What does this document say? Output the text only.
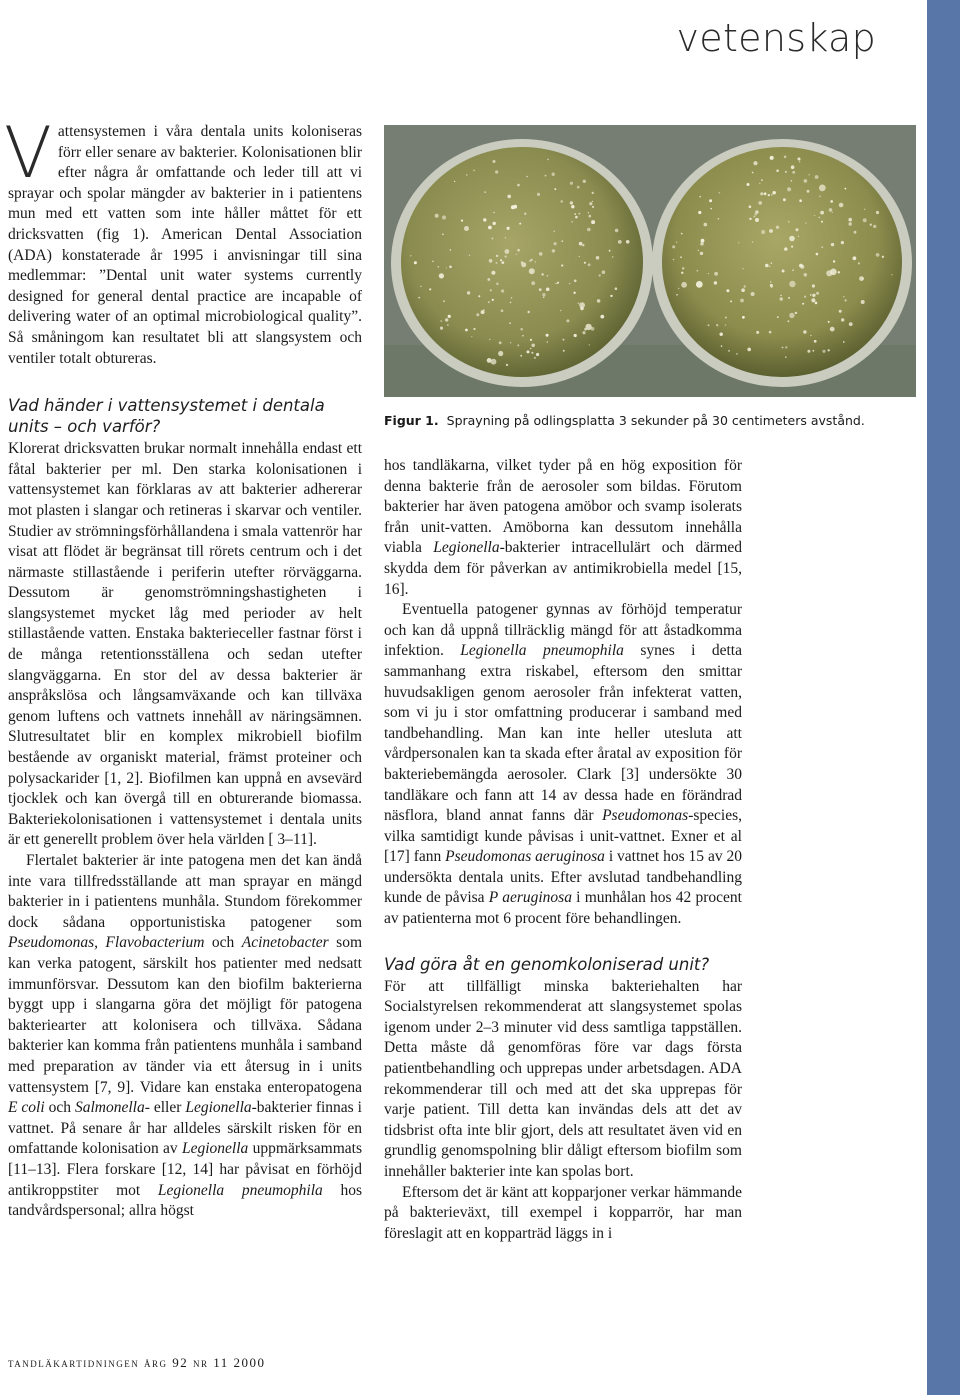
vetenskap

Vattensystemen i våra dentala units koloniseras förr eller senare av bakterier. Kolonisationen blir efter några år omfattande och leder till att vi sprayar och spolar mängder av bakterier in i patientens mun med ett vatten som inte håller måttet för ett dricksvatten (fig 1). American Dental Association (ADA) konstaterade år 1995 i anvisningar till sina medlemmar: ”Dental unit water systems currently designed for general dental practice are incapable of delivering water of an optimal microbiological quality”. Så småningom kan resultatet bli att slangsystem och ventiler totalt obtureras.

Vad händer i vattensystemet i dentala units – och varför?

Klorerat dricksvatten brukar normalt innehålla endast ett fåtal bakterier per ml. Den starka kolonisationen i vattensystemet kan förklaras av att bakterier adhererar mot plasten i slangar och retineras i skarvar och ventiler. Studier av strömningsförhållandena i smala vattenrör har visat att flödet är begränsat till rörets centrum och i det närmaste stillastående i periferin utefter rörväggarna. Dessutom är genomströmningshastigheten i slangsystemet mycket låg med perioder av helt stillastående vatten. Enstaka bakterieceller fastnar först i de många retentionsställena och sedan utefter slangväggarna. En stor del av dessa bakterier är anspråkslösa och långsamväxande och kan tillväxa genom luftens och vattnets innehåll av näringsämnen. Slutresultatet blir en komplex mikrobiell biofilm bestående av organiskt material, främst proteiner och polysackarider [1, 2]. Biofilmen kan uppnå en avsevärd tjocklek och kan övergå till en obturerande biomassa. Bakteriekolonisationen i vattensystemet i dentala units är ett generellt problem över hela världen [ 3–11].

Flertalet bakterier är inte patogena men det kan ändå inte vara tillfredsställande att man sprayar en mängd bakterier in i patientens munhåla. Stundom förekommer dock sådana opportunistiska patogener som Pseudomonas, Flavobacterium och Acinetobacter som kan verka patogent, särskilt hos patienter med nedsatt immunförsvar. Dessutom kan den biofilm bakterierna byggt upp i slangarna göra det möjligt för patogena bakteriearter att kolonisera och tillväxa. Sådana bakterier kan komma från patientens munhåla i samband med preparation av tänder via ett återsug in i units vattensystem [7, 9]. Vidare kan enstaka enteropatogena E coli och Salmonella- eller Legionella-bakterier finnas i vattnet. På senare år har alldeles särskilt risken för en omfattande kolonisation av Legionella uppmärksammats [11–13]. Flera forskare [12, 14] har påvisat en förhöjd antikroppstiter mot Legionella pneumophila hos tandvårdspersonal; allra högst

Figur 1. Sprayning på odlingsplatta 3 sekunder på 30 centimeters avstånd.

hos tandläkarna, vilket tyder på en hög exposition för denna bakterie från de aerosoler som bildas. Förutom bakterier har även patogena amöbor och svamp isolerats från unit-vatten. Amöborna kan dessutom innehålla viabla Legionella-bakterier intracellulärt och därmed skydda dem för påverkan av antimikrobiella medel [15, 16].

Eventuella patogener gynnas av förhöjd temperatur och kan då uppnå tillräcklig mängd för att åstadkomma infektion. Legionella pneumophila synes i detta sammanhang extra riskabel, eftersom den smittar huvudsakligen genom aerosoler från infekterat vatten, som vi ju i stor omfattning producerar i samband med tandbehandling. Man kan inte heller utesluta att vårdpersonalen kan ta skada efter åratal av exposition för bakteriebemängda aerosoler. Clark [3] undersökte 30 tandläkare och fann att 14 av dessa hade en förändrad näsflora, bland annat fanns där Pseudomonas-species, vilka samtidigt kunde påvisas i unit-vattnet. Exner et al [17] fann Pseudomonas aeruginosa i vattnet hos 15 av 20 undersökta dentala units. Efter avslutad tandbehandling kunde de påvisa P aeruginosa i munhålan hos 42 procent av patienterna mot 6 procent före behandlingen.

Vad göra åt en genomkoloniserad unit?

För att tillfälligt minska bakteriehalten har Socialstyrelsen rekommenderat att slangsystemet spolas igenom under 2–3 minuter vid dess samtliga tappställen. Detta måste då genomföras före var dags första patientbehandling och upprepas under arbetsdagen. ADA rekommenderar till och med att det ska upprepas för varje patient. Till detta kan invändas dels att det av tidsbrist ofta inte blir gjort, dels att resultatet även vid en grundlig genomspolning blir dåligt eftersom biofilm som innehåller bakterier inte kan spolas bort.

Eftersom det är känt att kopparjoner verkar hämmande på bakterieväxt, till exempel i kopparrör, har man föreslagit att en kopparträd läggs in i

tandläkartidningen årg 92 nr 11 2000
